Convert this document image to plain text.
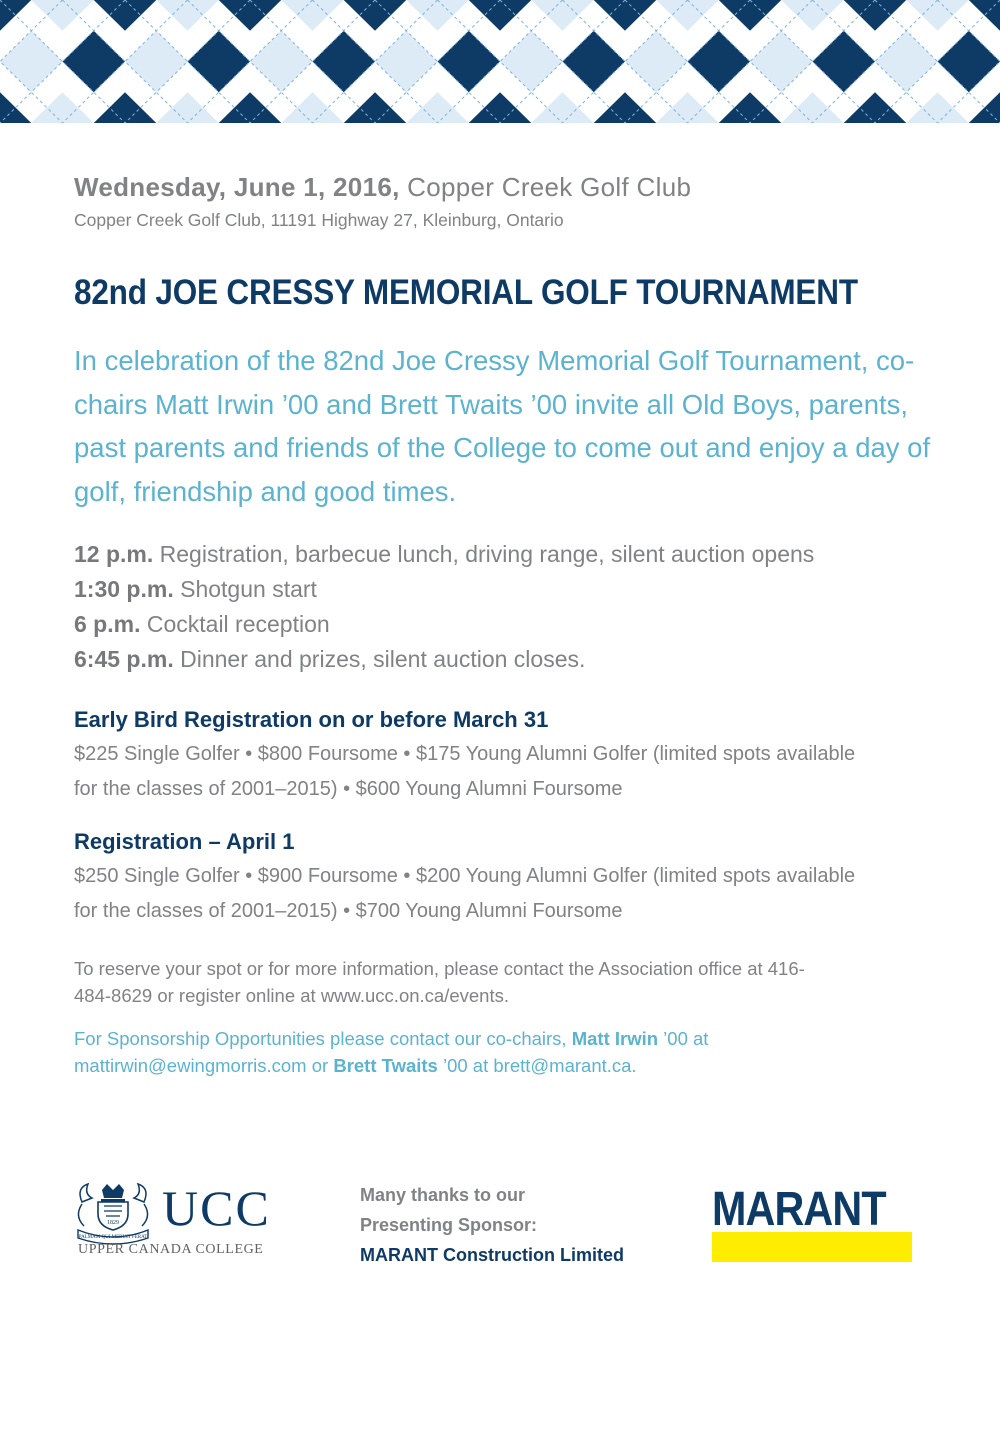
Wednesday, June 1, 2016, Copper Creek Golf Club
Copper Creek Golf Club, 11191 Highway 27, Kleinburg, Ontario
82nd JOE CRESSY MEMORIAL GOLF TOURNAMENT
In celebration of the 82nd Joe Cressy Memorial Golf Tournament, co-chairs Matt Irwin ’00 and Brett Twaits ’00 invite all Old Boys, parents, past parents and friends of the College to come out and enjoy a day of golf, friendship and good times.
12 p.m. Registration, barbecue lunch, driving range, silent auction opens
1:30 p.m. Shotgun start
6 p.m. Cocktail reception
6:45 p.m. Dinner and prizes, silent auction closes.
Early Bird Registration on or before March 31
$225 Single Golfer • $800 Foursome • $175 Young Alumni Golfer (limited spots available for the classes of 2001–2015) • $600 Young Alumni Foursome
Registration – April 1
$250 Single Golfer • $900 Foursome • $200 Young Alumni Golfer (limited spots available for the classes of 2001–2015) • $700 Young Alumni Foursome
To reserve your spot or for more information, please contact the Association office at 416-484-8629 or register online at www.ucc.on.ca/events.
For Sponsorship Opportunities please contact our co-chairs, Matt Irwin ’00 at mattirwin@ewingmorris.com or Brett Twaits ’00 at brett@marant.ca.
1829
PALMAM QUI MERUIT FERAT
UCC
UPPER CANADA COLLEGE
Many thanks to our
Presenting Sponsor:
MARANT Construction Limited
MARANT
